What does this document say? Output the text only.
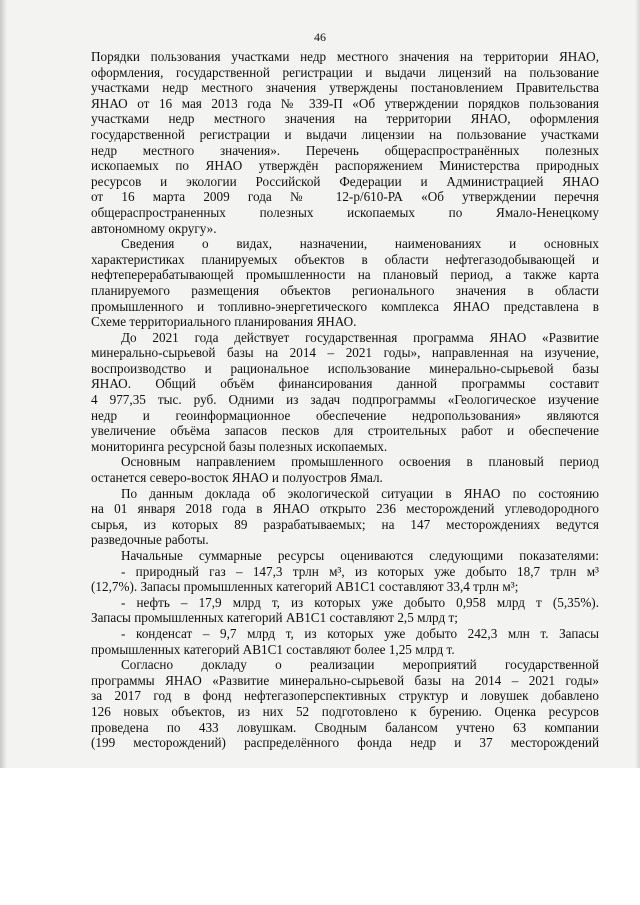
46
Порядки пользования участками недр местного значения на территории ЯНАО,
оформления, государственной регистрации и выдачи лицензий на пользование
участками недр местного значения утверждены постановлением Правительства
ЯНАО от 16 мая 2013 года № 339-П «Об утверждении порядков пользования
участками недр местного значения на территории ЯНАО, оформления
государственной регистрации и выдачи лицензии на пользование участками
недр местного значения». Перечень общераспространённых полезных
ископаемых по ЯНАО утверждён распоряжением Министерства природных
ресурсов и экологии Российской Федерации и Администрацией ЯНАО
от 16 марта 2009 года № 12-р/610-РА «Об утверждении перечня
общераспространенных полезных ископаемых по Ямало-Ненецкому
автономному округу».
Сведения о видах, назначении, наименованиях и основных
характеристиках планируемых объектов в области нефтегазодобывающей и
нефтеперерабатывающей промышленности на плановый период, а также карта
планируемого размещения объектов регионального значения в области
промышленного и топливно-энергетического комплекса ЯНАО представлена в
Схеме территориального планирования ЯНАО.
До 2021 года действует государственная программа ЯНАО «Развитие
минерально-сырьевой базы на 2014 – 2021 годы», направленная на изучение,
воспроизводство и рациональное использование минерально-сырьевой базы
ЯНАО. Общий объём финансирования данной программы составит
4 977,35 тыс. руб. Одними из задач подпрограммы «Геологическое изучение
недр и геоинформационное обеспечение недропользования» являются
увеличение объёма запасов песков для строительных работ и обеспечение
мониторинга ресурсной базы полезных ископаемых.
Основным направлением промышленного освоения в плановый период
останется северо-восток ЯНАО и полуостров Ямал.
По данным доклада об экологической ситуации в ЯНАО по состоянию
на 01 января 2018 года в ЯНАО открыто 236 месторождений углеводородного
сырья, из которых 89 разрабатываемых; на 147 месторождениях ведутся
разведочные работы.
Начальные суммарные ресурсы оцениваются следующими показателями:
- природный газ – 147,3 трлн м³, из которых уже добыто 18,7 трлн м³
(12,7%). Запасы промышленных категорий АВ1С1 составляют 33,4 трлн м³;
- нефть – 17,9 млрд т, из которых уже добыто 0,958 млрд т (5,35%).
Запасы промышленных категорий АВ1С1 составляют 2,5 млрд т;
- конденсат – 9,7 млрд т, из которых уже добыто 242,3 млн т. Запасы
промышленных категорий АВ1С1 составляют более 1,25 млрд т.
Согласно докладу о реализации мероприятий государственной
программы ЯНАО «Развитие минерально-сырьевой базы на 2014 – 2021 годы»
за 2017 год в фонд нефтегазоперспективных структур и ловушек добавлено
126 новых объектов, из них 52 подготовлено к бурению. Оценка ресурсов
проведена по 433 ловушкам. Сводным балансом учтено 63 компании
(199 месторождений) распределённого фонда недр и 37 месторождений
